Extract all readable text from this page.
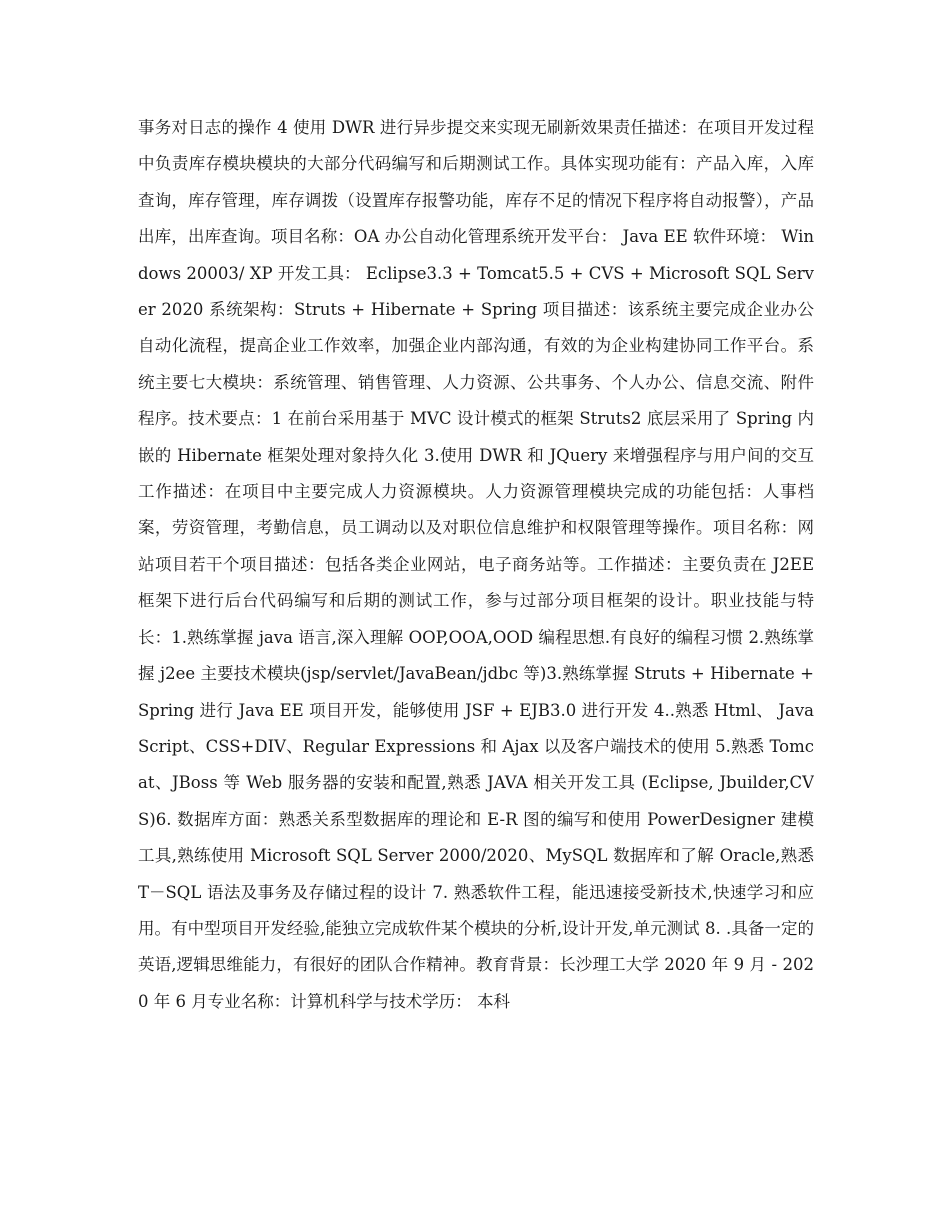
事务对日志的操作 4 使用 DWR 进行异步提交来实现无刷新效果责任描述：在项目开发过程中负责库存模块模块的大部分代码编写和后期测试工作。具体实现功能有：产品入库，入库查询，库存管理，库存调拨（设置库存报警功能，库存不足的情况下程序将自动报警），产品出库，出库查询。项目名称：OA 办公自动化管理系统开发平台： Java EE 软件环境： Windows 20003/ XP 开发工具： Eclipse3.3 + Tomcat5.5 + CVS + Microsoft SQL Server 2020 系统架构：Struts + Hibernate + Spring 项目描述：该系统主要完成企业办公自动化流程，提高企业工作效率，加强企业内部沟通，有效的为企业构建协同工作平台。系统主要七大模块：系统管理、销售管理、人力资源、公共事务、个人办公、信息交流、附件程序。技术要点：1 在前台采用基于 MVC 设计模式的框架 Struts2 底层采用了 Spring 内嵌的 Hibernate 框架处理对象持久化 3.使用 DWR 和 JQuery 来增强程序与用户间的交互工作描述：在项目中主要完成人力资源模块。人力资源管理模块完成的功能包括：人事档案，劳资管理，考勤信息，员工调动以及对职位信息维护和权限管理等操作。项目名称：网站项目若干个项目描述：包括各类企业网站，电子商务站等。工作描述：主要负责在 J2EE 框架下进行后台代码编写和后期的测试工作，参与过部分项目框架的设计。职业技能与特长：1.熟练掌握 java 语言,深入理解 OOP,OOA,OOD 编程思想.有良好的编程习惯 2.熟练掌握 j2ee 主要技术模块(jsp/servlet/JavaBean/jdbc 等)3.熟练掌握 Struts + Hibernate + Spring 进行 Java EE 项目开发，能够使用 JSF + EJB3.0 进行开发 4..熟悉 Html、 JavaScript、CSS+DIV、Regular Expressions 和 Ajax 以及客户端技术的使用 5.熟悉 Tomcat、JBoss 等 Web 服务器的安装和配置,熟悉 JAVA 相关开发工具 (Eclipse, Jbuilder,CVS)6. 数据库方面：熟悉关系型数据库的理论和 E-R 图的编写和使用 PowerDesigner 建模工具,熟练使用 Microsoft SQL Server 2000/2020、MySQL 数据库和了解 Oracle,熟悉 T－SQL 语法及事务及存储过程的设计 7. 熟悉软件工程，能迅速接受新技术,快速学习和应用。有中型项目开发经验,能独立完成软件某个模块的分析,设计开发,单元测试 8. .具备一定的英语,逻辑思维能力，有很好的团队合作精神。教育背景：长沙理工大学 2020 年 9 月 - 2020 年 6 月专业名称：计算机科学与技术学历： 本科
